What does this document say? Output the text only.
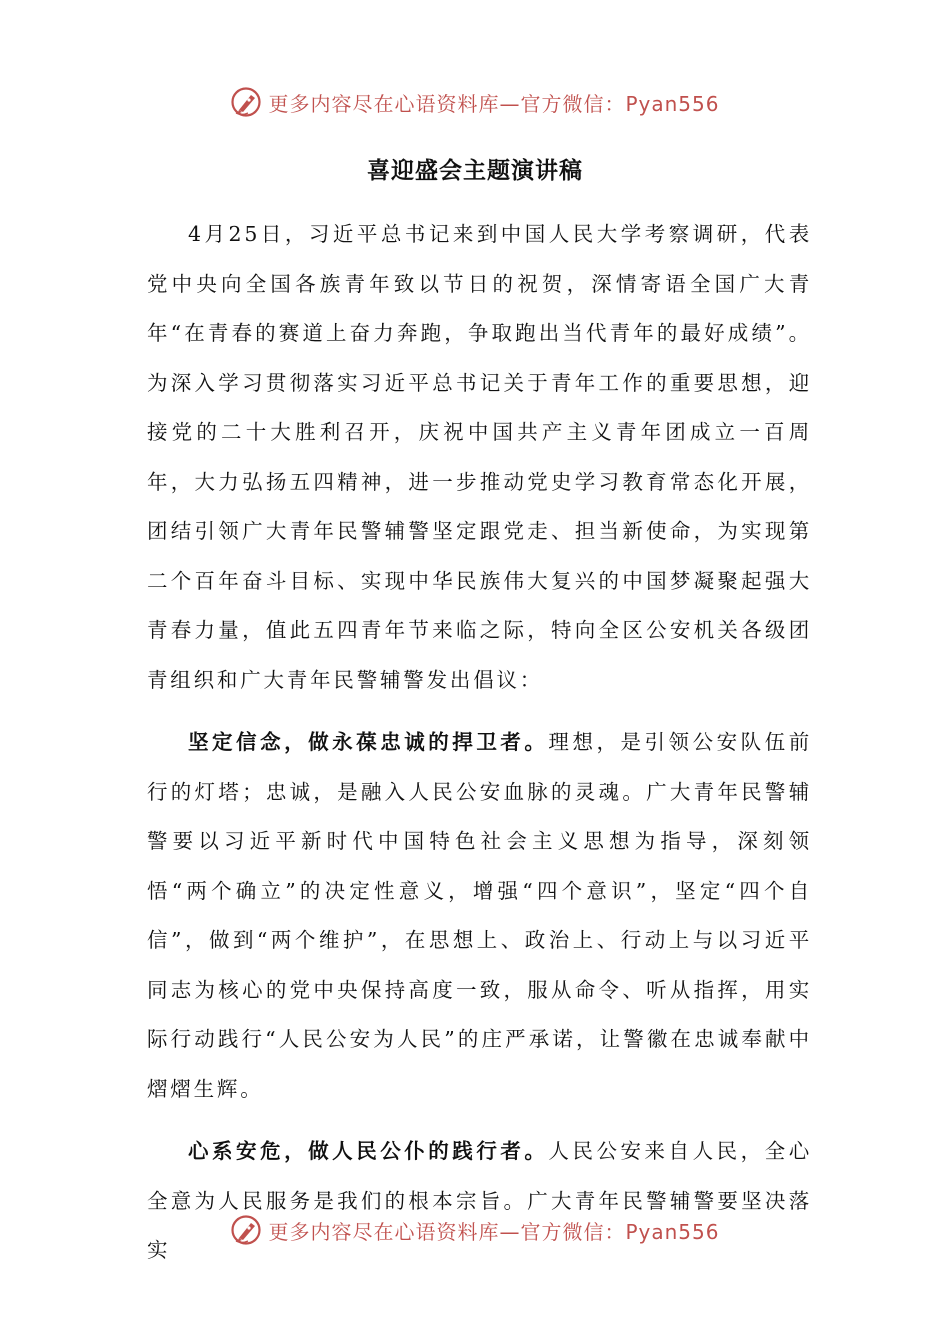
更多内容尽在心语资料库—官方微信：Pyan556
喜迎盛会主题演讲稿

4月25日，习近平总书记来到中国人民大学考察调研，代表党中央向全国各族青年致以节日的祝贺，深情寄语全国广大青年“在青春的赛道上奋力奔跑，争取跑出当代青年的最好成绩”。为深入学习贯彻落实习近平总书记关于青年工作的重要思想，迎接党的二十大胜利召开，庆祝中国共产主义青年团成立一百周年，大力弘扬五四精神，进一步推动党史学习教育常态化开展，团结引领广大青年民警辅警坚定跟党走、担当新使命，为实现第二个百年奋斗目标、实现中华民族伟大复兴的中国梦凝聚起强大青春力量，值此五四青年节来临之际，特向全区公安机关各级团青组织和广大青年民警辅警发出倡议：

坚定信念，做永葆忠诚的捍卫者。理想，是引领公安队伍前行的灯塔；忠诚，是融入人民公安血脉的灵魂。广大青年民警辅警要以习近平新时代中国特色社会主义思想为指导，深刻领悟“两个确立”的决定性意义，增强“四个意识”，坚定“四个自信”，做到“两个维护”，在思想上、政治上、行动上与以习近平同志为核心的党中央保持高度一致，服从命令、听从指挥，用实际行动践行“人民公安为人民”的庄严承诺，让警徽在忠诚奉献中熠熠生辉。

心系安危，做人民公仆的践行者。人民公安来自人民，全心全意为人民服务是我们的根本宗旨。广大青年民警辅警要坚决落实

更多内容尽在心语资料库—官方微信：Pyan556
